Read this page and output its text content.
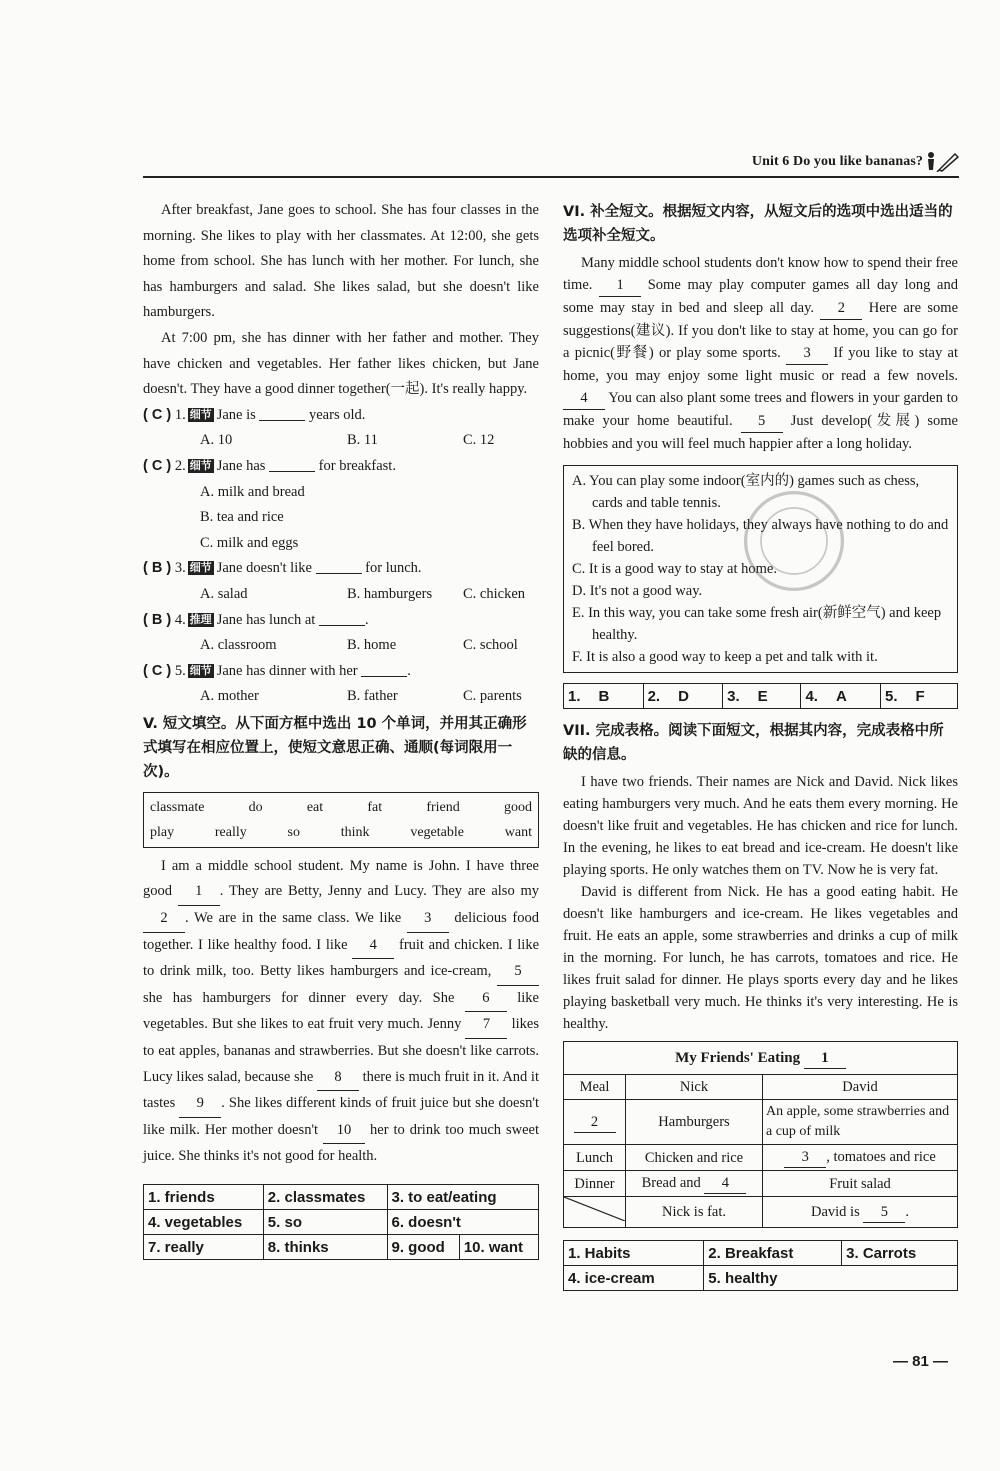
Unit 6 Do you like bananas?

After breakfast, Jane goes to school. She has four classes in the morning. She likes to play with her classmates. At 12:00, she gets home from school. She has lunch with her mother. For lunch, she has hamburgers and salad. She likes salad, but she doesn't like hamburgers.

At 7:00 pm, she has dinner with her father and mother. They have chicken and vegetables. Her father likes chicken, but Jane doesn't. They have a good dinner together(一起). It's really happy.

( C ) 1. 细节 Jane is	years old.
A. 10	B. 11	C. 12
( C ) 2. 细节 Jane has	for breakfast.
A. milk and bread
B. tea and rice
C. milk and eggs
( B ) 3. 细节 Jane doesn't like	for lunch.
A. salad	B. hamburgers	C. chicken
( B ) 4. 推理 Jane has lunch at	.
A. classroom	B. home	C. school
( C ) 5. 细节 Jane has dinner with her	.
A. mother	B. father	C. parents
V. 短文填空。从下面方框中选出 10 个单词，并用其正确形式填写在相应位置上，使短文意思正确、通顺(每词限用一次)。
classmate	do	eat	fat	friend	good
play	really	so	think	vegetable	want

I am a middle school student. My name is John. I have three good 1 . They are Betty, Jenny and Lucy. They are also my 2 . We are in the same class. We like 3 delicious food together. I like healthy food. I like 4 fruit and chicken. I like to drink milk, too. Betty likes hamburgers and ice-cream, 5 she has hamburgers for dinner every day. She 6 like vegetables. But she likes to eat fruit very much. Jenny 7 likes to eat apples, bananas and strawberries. But she doesn't like carrots. Lucy likes salad, because she 8 there is much fruit in it. And it tastes 9 . She likes different kinds of fruit juice but she doesn't like milk. Her mother doesn't 10 her to drink too much sweet juice. She thinks it's not good for health.

1. friends	2. classmates	3. to eat/eating	
4. vegetables	5. so	6. doesn't	
7. really	8. thinks	9. good	10. want
VI. 补全短文。根据短文内容，从短文后的选项中选出适当的选项补全短文。

Many middle school students don't know how to spend their free time. 1 Some may play computer games all day long and some may stay in bed and sleep all day. 2 Here are some suggestions(建议). If you don't like to stay at home, you can go for a picnic(野餐) or play some sports. 3 If you like to stay at home, you may enjoy some light music or read a few novels. 4 You can also plant some trees and flowers in your garden to make your home beautiful. 5 Just develop(发展) some hobbies and you will feel much happier after a long holiday.

A. You can play some indoor(室内的) games such as chess, cards and table tennis.
B. When they have holidays, they always have nothing to do and feel bored.
C. It is a good way to stay at home.
D. It's not a good way.
E. In this way, you can take some fresh air(新鲜空气) and keep healthy.
F. It is also a good way to keep a pet and talk with it.
1. B	2. D	3. E	4. A	5. F
VII. 完成表格。阅读下面短文，根据其内容，完成表格中所缺的信息。

I have two friends. Their names are Nick and David. Nick likes eating hamburgers very much. And he eats them every morning. He doesn't like fruit and vegetables. He has chicken and rice for lunch. In the evening, he likes to eat bread and ice-cream. He doesn't like playing sports. He only watches them on TV. Now he is very fat.

David is different from Nick. He has a good eating habit. He doesn't like hamburgers and ice-cream. He likes vegetables and fruit. He eats an apple, some strawberries and drinks a cup of milk in the morning. For lunch, he has carrots, tomatoes and rice. He likes fruit salad for dinner. He plays sports every day and he likes playing basketball very much. He thinks it's very interesting. He is healthy.

My Friends' Eating 1		
Meal	Nick	David
2	Hamburgers	An apple, some strawberries and a cup of milk
Lunch	Chicken and rice	3 , tomatoes and rice
Dinner	Bread and 4	Fruit salad
	Nick is fat.	David is 5 .
1. Habits	2. Breakfast	3. Carrots
4. ice-cream	5. healthy	
— 81 —
